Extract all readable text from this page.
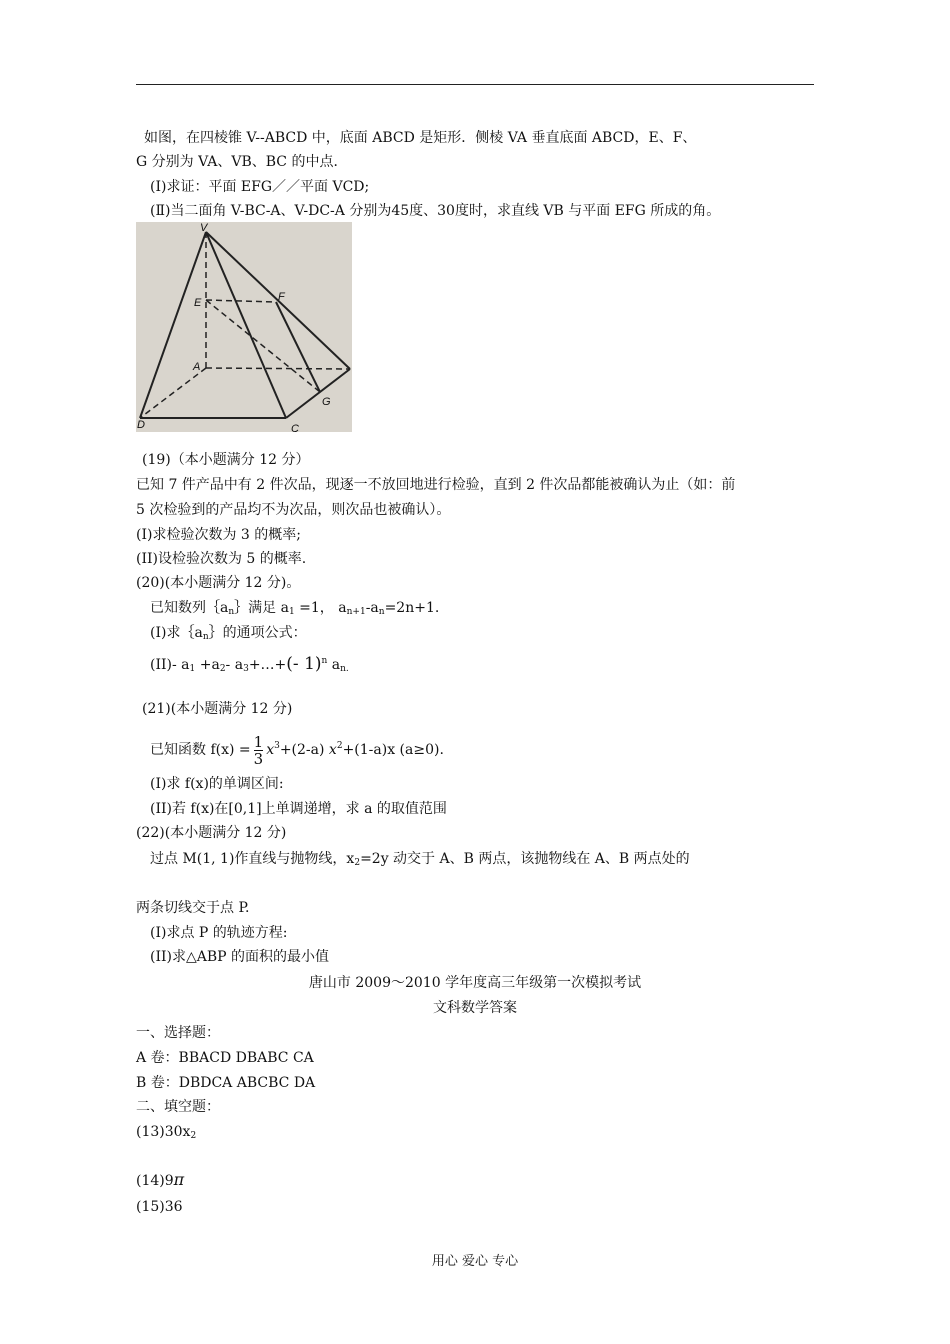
如图，在四棱锥 V--ABCD 中，底面 ABCD 是矩形．侧棱 VA 垂直底面 ABCD，E、F、
G 分别为 VA、VB、BC 的中点．
(I)求证：平面 EFG／／平面 VCD;
(Ⅱ)当二面角 V-BC-A、V-DC-A 分别为45度、30度时，求直线 VB 与平面 EFG 所成的角。
V
E	F
A
G
D	C
(19)（本小题满分 12 分）
已知 7 件产品中有 2 件次品，现逐一不放回地进行检验，直到 2 件次品都能被确认为止（如：前
5 次检验到的产品均不为次品，则次品也被确认）。
(I)求检验次数为 3 的概率;
(II)设检验次数为 5 的概率.
(20)(本小题满分 12 分)。
已知数列$\{a_n\}$满足 $a_1 =1$， $a_{n+1}-a_n=2n+1$.
(I)求$\{a_n\}$的通项公式：
(II)- $a_1 +a_2-$ $a_3+\dots+(-$ 1)$^n$ $a_{n.}$
(21)(本小题满分 12 分)
已知函数 $f(x) = \frac{1}{3} x^3+(2-a)$ $x^2+(1-a)x$ (a≥0).
(I)求 f(x)的单调区间:
(II)若 f(x)在[0,1]上单调递增，求 a 的取值范围
(22)(本小题满分 12 分)
过点 M(1, 1)作直线与抛物线，$x_2=2y$ 动交于 A、B 两点，该抛物线在 A、B 两点处的
两条切线交于点 P.
(I)求点 P 的轨迹方程:
(II)求△ABP 的面积的最小值
唐山市 2009～2010 学年度高三年级第一次模拟考试
文科数学答案
一、选择题：
A 卷：BBACD DBABC CA
B 卷：DBDCA ABCBC DA
二、填空题：
$(13)30x_2$
(14)9π
(15)36
用心 爱心 专心
